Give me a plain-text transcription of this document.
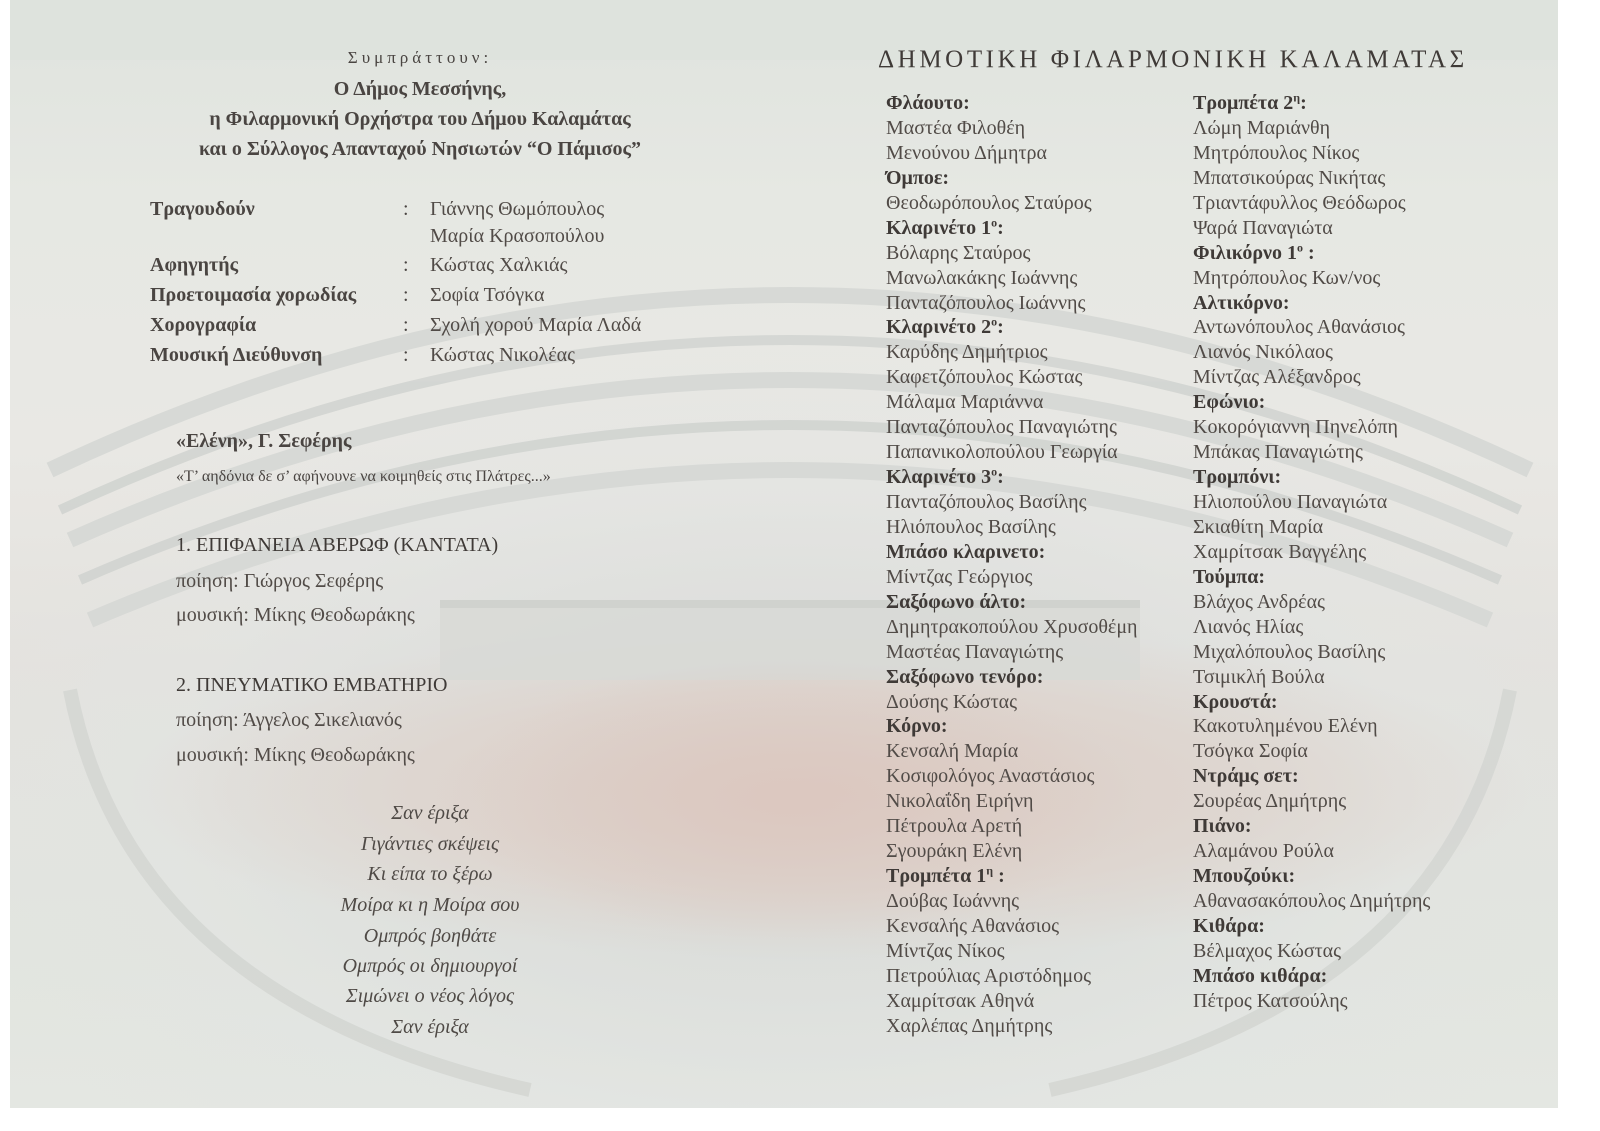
Συμπράττουν:
Ο Δήμος Μεσσήνης,
η Φιλαρμονική Ορχήστρα του Δήμου Καλαμάτας
και ο Σύλλογος Απανταχού Νησιωτών “Ο Πάμισος”
Τραγουδούν	: Γιάννης Θωμόπουλος
Μαρία Κρασοπούλου
Αφηγητής	: Κώστας Χαλκιάς
Προετοιμασία χορωδίας : Σοφία Τσόγκα
Χορογραφία	: Σχολή χορού Μαρία Λαδά
Μουσική Διεύθυνση	: Κώστας Νικολέας
«Ελένη», Γ. Σεφέρης
«Τ’ αηδόνια δε σ’ αφήνουνε να κοιμηθείς στις Πλάτρες...»
1. ΕΠΙΦΑΝΕΙΑ ΑΒΕΡΩΦ (ΚΑΝΤΑΤΑ)
ποίηση: Γιώργος Σεφέρης
μουσική: Μίκης Θεοδωράκης
2. ΠΝΕΥΜΑΤΙΚΟ ΕΜΒΑΤΗΡΙΟ
ποίηση: Άγγελος Σικελιανός
μουσική: Μίκης Θεοδωράκης
Σαν έριξα
Γιγάντιες σκέψεις
Κι είπα το ξέρω
Μοίρα κι η Μοίρα σου
Ομπρός βοηθάτε
Ομπρός οι δημιουργοί
Σιμώνει ο νέος λόγος
Σαν έριξα
ΔΗΜΟΤΙΚΗ ΦΙΛΑΡΜΟΝΙΚΗ ΚΑΛΑΜΑΤΑΣ
Φλάουτο:
Μαστέα Φιλοθέη
Μενούνου Δήμητρα
Όμποε:
Θεοδωρόπουλος Σταύρος
Κλαρινέτο $1^o$:
Βόλαρης Σταύρος
Μανωλακάκης Ιωάννης
Πανταζόπουλος Ιωάννης
Κλαρινέτο $2^o$:
Καρύδης Δημήτριος
Καφετζόπουλος Κώστας
Μάλαμα Μαριάννα
Πανταζόπουλος Παναγιώτης
Παπανικολοπούλου Γεωργία
Κλαρινέτο $3^o$:
Πανταζόπουλος Βασίλης
Ηλιόπουλος Βασίλης
Μπάσο κλαρινετο:
Μίντζας Γεώργιος
Σαξόφωνο άλτο:
Δημητρακοπούλου Χρυσοθέμη
Μαστέας Παναγιώτης
Σαξόφωνο τενόρο:
Δούσης Κώστας
Κόρνο:
Κενσαλή Μαρία
Κοσιφολόγος Αναστάσιος
Νικολαΐδη Ειρήνη
Πέτρουλα Αρετή
Σγουράκη Ελένη
Τρομπέτα $1^\eta$ :
Δούβας Ιωάννης
Κενσαλής Αθανάσιος
Μίντζας Νίκος
Πετρούλιας Αριστόδημος
Χαμρίτσακ Αθηνά
Χαρλέπας Δημήτρης
Τρομπέτα $2^\eta$:
Λώμη Μαριάνθη
Μητρόπουλος Νίκος
Μπατσικούρας Νικήτας
Τριαντάφυλλος Θεόδωρος
Ψαρά Παναγιώτα
Φιλικόρνο $1^o$ :
Μητρόπουλος Κων/νος
Αλτικόρνο:
Αντωνόπουλος Αθανάσιος
Λιανός Νικόλαος
Μίντζας Αλέξανδρος
Εφώνιο:
Κοκορόγιαννη Πηνελόπη
Μπάκας Παναγιώτης
Τρομπόνι:
Ηλιοπούλου Παναγιώτα
Σκιαθίτη Μαρία
Χαμρίτσακ Βαγγέλης
Τούμπα:
Βλάχος Ανδρέας
Λιανός Ηλίας
Μιχαλόπουλος Βασίλης
Τσιμικλή Βούλα
Κρουστά:
Κακοτυλημένου Ελένη
Τσόγκα Σοφία
Ντράμς σετ:
Σουρέας Δημήτρης
Πιάνο:
Αλαμάνου Ρούλα
Μπουζούκι:
Αθανασακόπουλος Δημήτρης
Κιθάρα:
Βέλμαχος Κώστας
Μπάσο κιθάρα:
Πέτρος Κατσούλης
